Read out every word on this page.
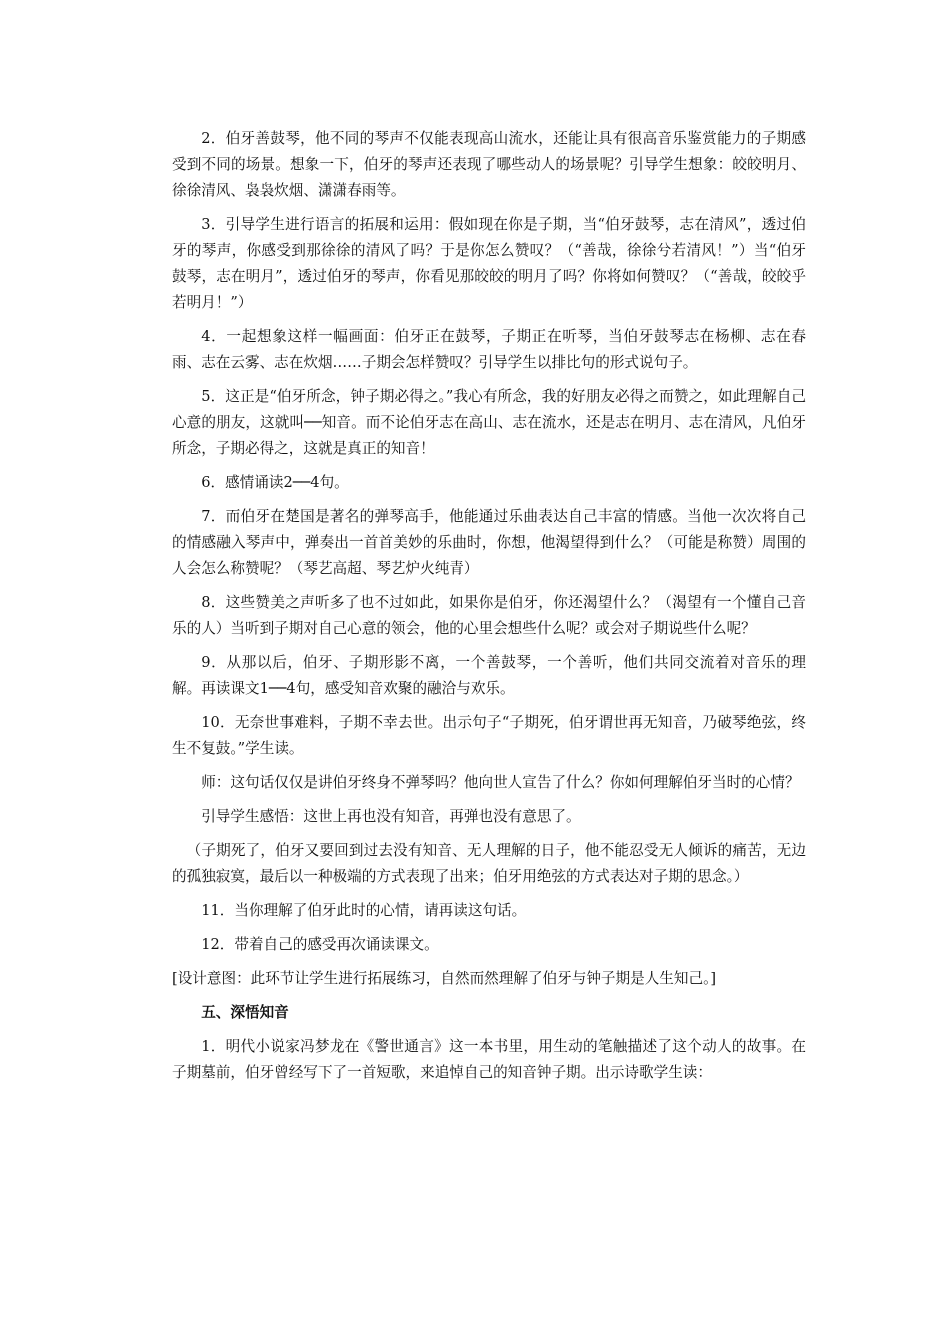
2．伯牙善鼓琴，他不同的琴声不仅能表现高山流水，还能让具有很高音乐鉴赏能力的子期感受到不同的场景。想象一下，伯牙的琴声还表现了哪些动人的场景呢？引导学生想象：皎皎明月、徐徐清风、袅袅炊烟、潇潇春雨等。

3．引导学生进行语言的拓展和运用：假如现在你是子期，当“伯牙鼓琴，志在清风”，透过伯牙的琴声，你感受到那徐徐的清风了吗？于是你怎么赞叹？（“善哉，徐徐兮若清风！”）当“伯牙鼓琴，志在明月”，透过伯牙的琴声，你看见那皎皎的明月了吗？你将如何赞叹？（“善哉，皎皎乎若明月！”）

4．一起想象这样一幅画面：伯牙正在鼓琴，子期正在听琴，当伯牙鼓琴志在杨柳、志在春雨、志在云雾、志在炊烟……子期会怎样赞叹？引导学生以排比句的形式说句子。

5．这正是“伯牙所念，钟子期必得之。”我心有所念，我的好朋友必得之而赞之，如此理解自己心意的朋友，这就叫──知音。而不论伯牙志在高山、志在流水，还是志在明月、志在清风，凡伯牙所念，子期必得之，这就是真正的知音！

6．感情诵读2──4句。

7．而伯牙在楚国是著名的弹琴高手，他能通过乐曲表达自己丰富的情感。当他一次次将自己的情感融入琴声中，弹奏出一首首美妙的乐曲时，你想，他渴望得到什么？（可能是称赞）周围的人会怎么称赞呢？（琴艺高超、琴艺炉火纯青）

8．这些赞美之声听多了也不过如此，如果你是伯牙，你还渴望什么？（渴望有一个懂自己音乐的人）当听到子期对自己心意的领会，他的心里会想些什么呢？或会对子期说些什么呢？

9．从那以后，伯牙、子期形影不离，一个善鼓琴，一个善听，他们共同交流着对音乐的理解。再读课文1──4句，感受知音欢聚的融洽与欢乐。

10．无奈世事难料，子期不幸去世。出示句子“子期死，伯牙谓世再无知音，乃破琴绝弦，终生不复鼓。”学生读。

师：这句话仅仅是讲伯牙终身不弹琴吗？他向世人宣告了什么？你如何理解伯牙当时的心情？

引导学生感悟：这世上再也没有知音，再弹也没有意思了。

（子期死了，伯牙又要回到过去没有知音、无人理解的日子，他不能忍受无人倾诉的痛苦，无边的孤独寂寞，最后以一种极端的方式表现了出来；伯牙用绝弦的方式表达对子期的思念。）

11．当你理解了伯牙此时的心情，请再读这句话。

12．带着自己的感受再次诵读课文。

[设计意图：此环节让学生进行拓展练习，自然而然理解了伯牙与钟子期是人生知己。]

五、深悟知音

1．明代小说家冯梦龙在《警世通言》这一本书里，用生动的笔触描述了这个动人的故事。在子期墓前，伯牙曾经写下了一首短歌，来追悼自己的知音钟子期。出示诗歌学生读：
